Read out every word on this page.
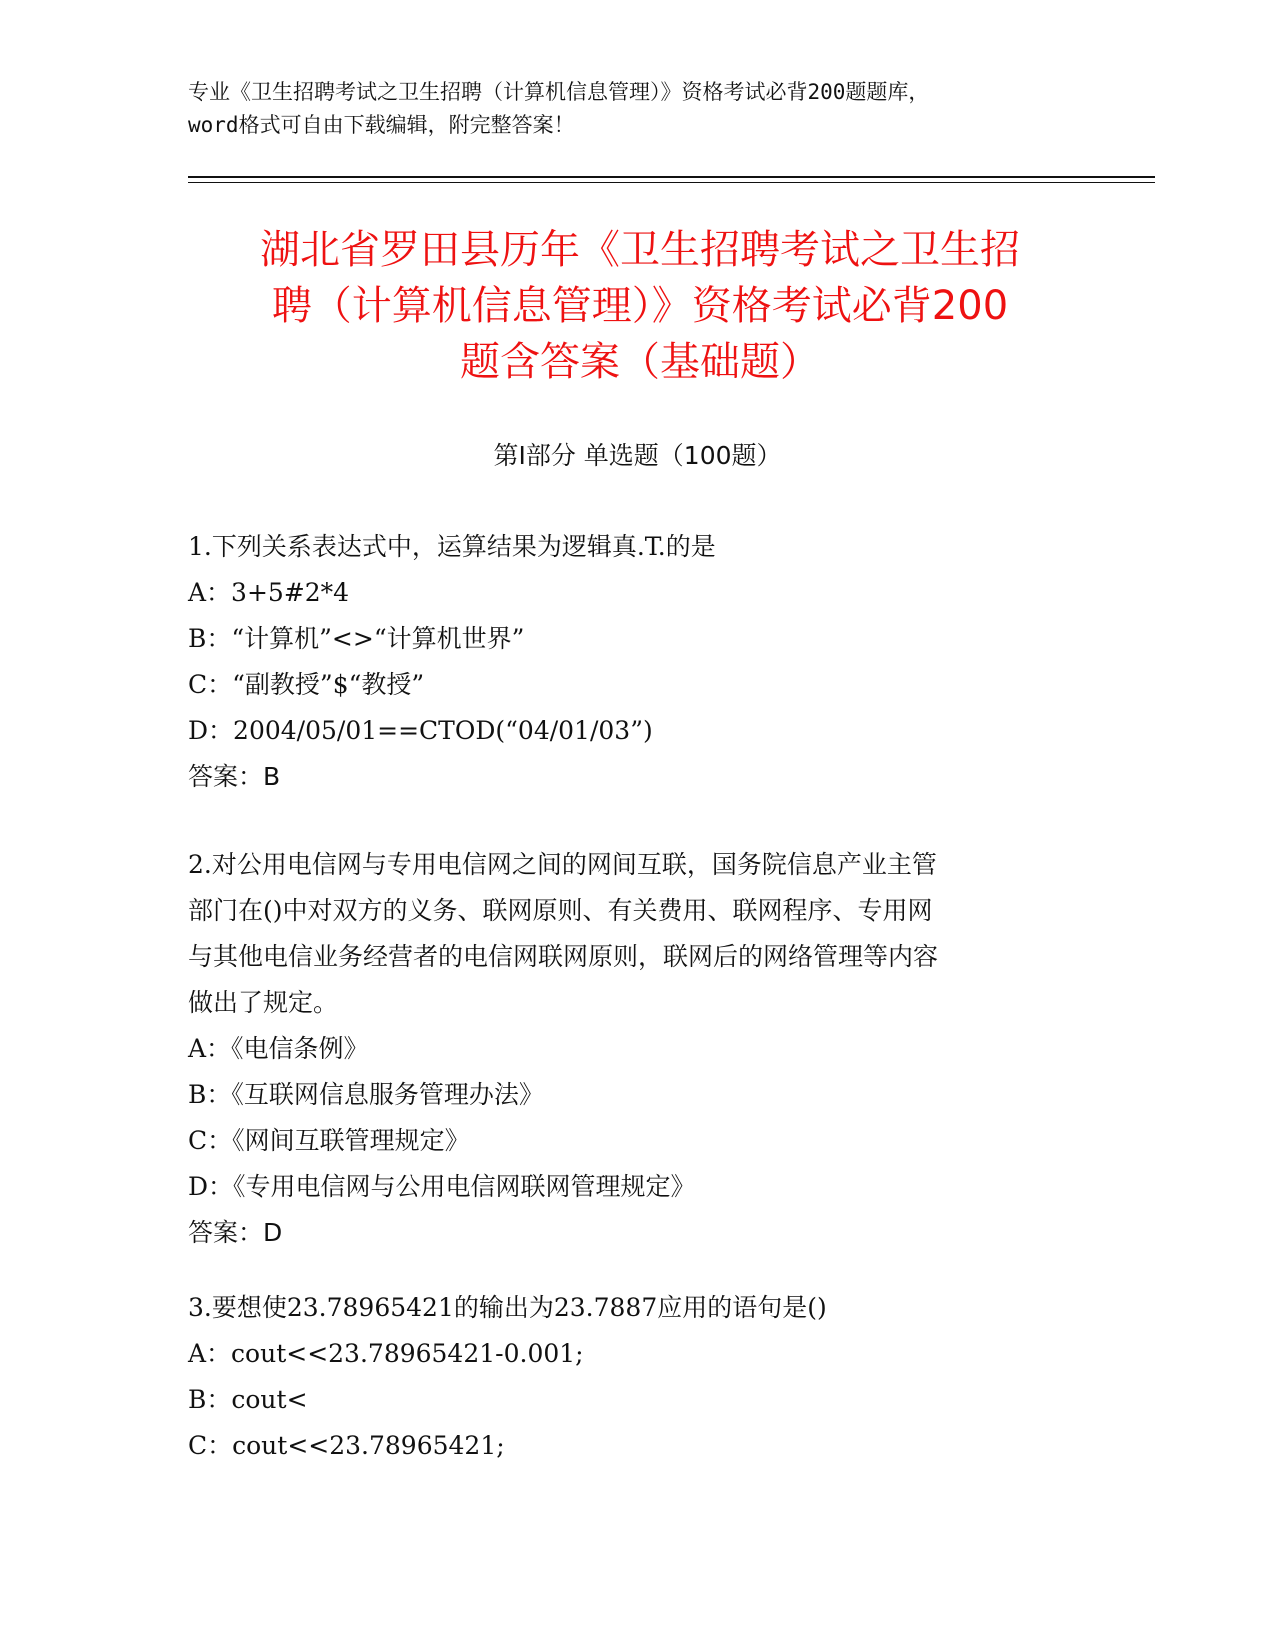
专业《卫生招聘考试之卫生招聘（计算机信息管理）》资格考试必背200题题库，
word格式可自由下载编辑，附完整答案！
湖北省罗田县历年《卫生招聘考试之卫生招
聘（计算机信息管理）》资格考试必背200
题含答案（基础题）
第Ⅰ部分 单选题（100题）
1.下列关系表达式中，运算结果为逻辑真.T.的是
A：3+5#2*4
B：“计算机”<>“计算机世界”
C：“副教授”$“教授”
D：2004/05/01==CTOD(“04/01/03”)
答案：B
2.对公用电信网与专用电信网之间的网间互联，国务院信息产业主管
部门在()中对双方的义务、联网原则、有关费用、联网程序、专用网
与其他电信业务经营者的电信网联网原则，联网后的网络管理等内容
做出了规定。
A：《电信条例》
B：《互联网信息服务管理办法》
C：《网间互联管理规定》
D：《专用电信网与公用电信网联网管理规定》
答案：D
3.要想使23.78965421的输出为23.7887应用的语句是()
A：cout<<23.78965421-0.001;
B：cout<
C：cout<<23.78965421;
